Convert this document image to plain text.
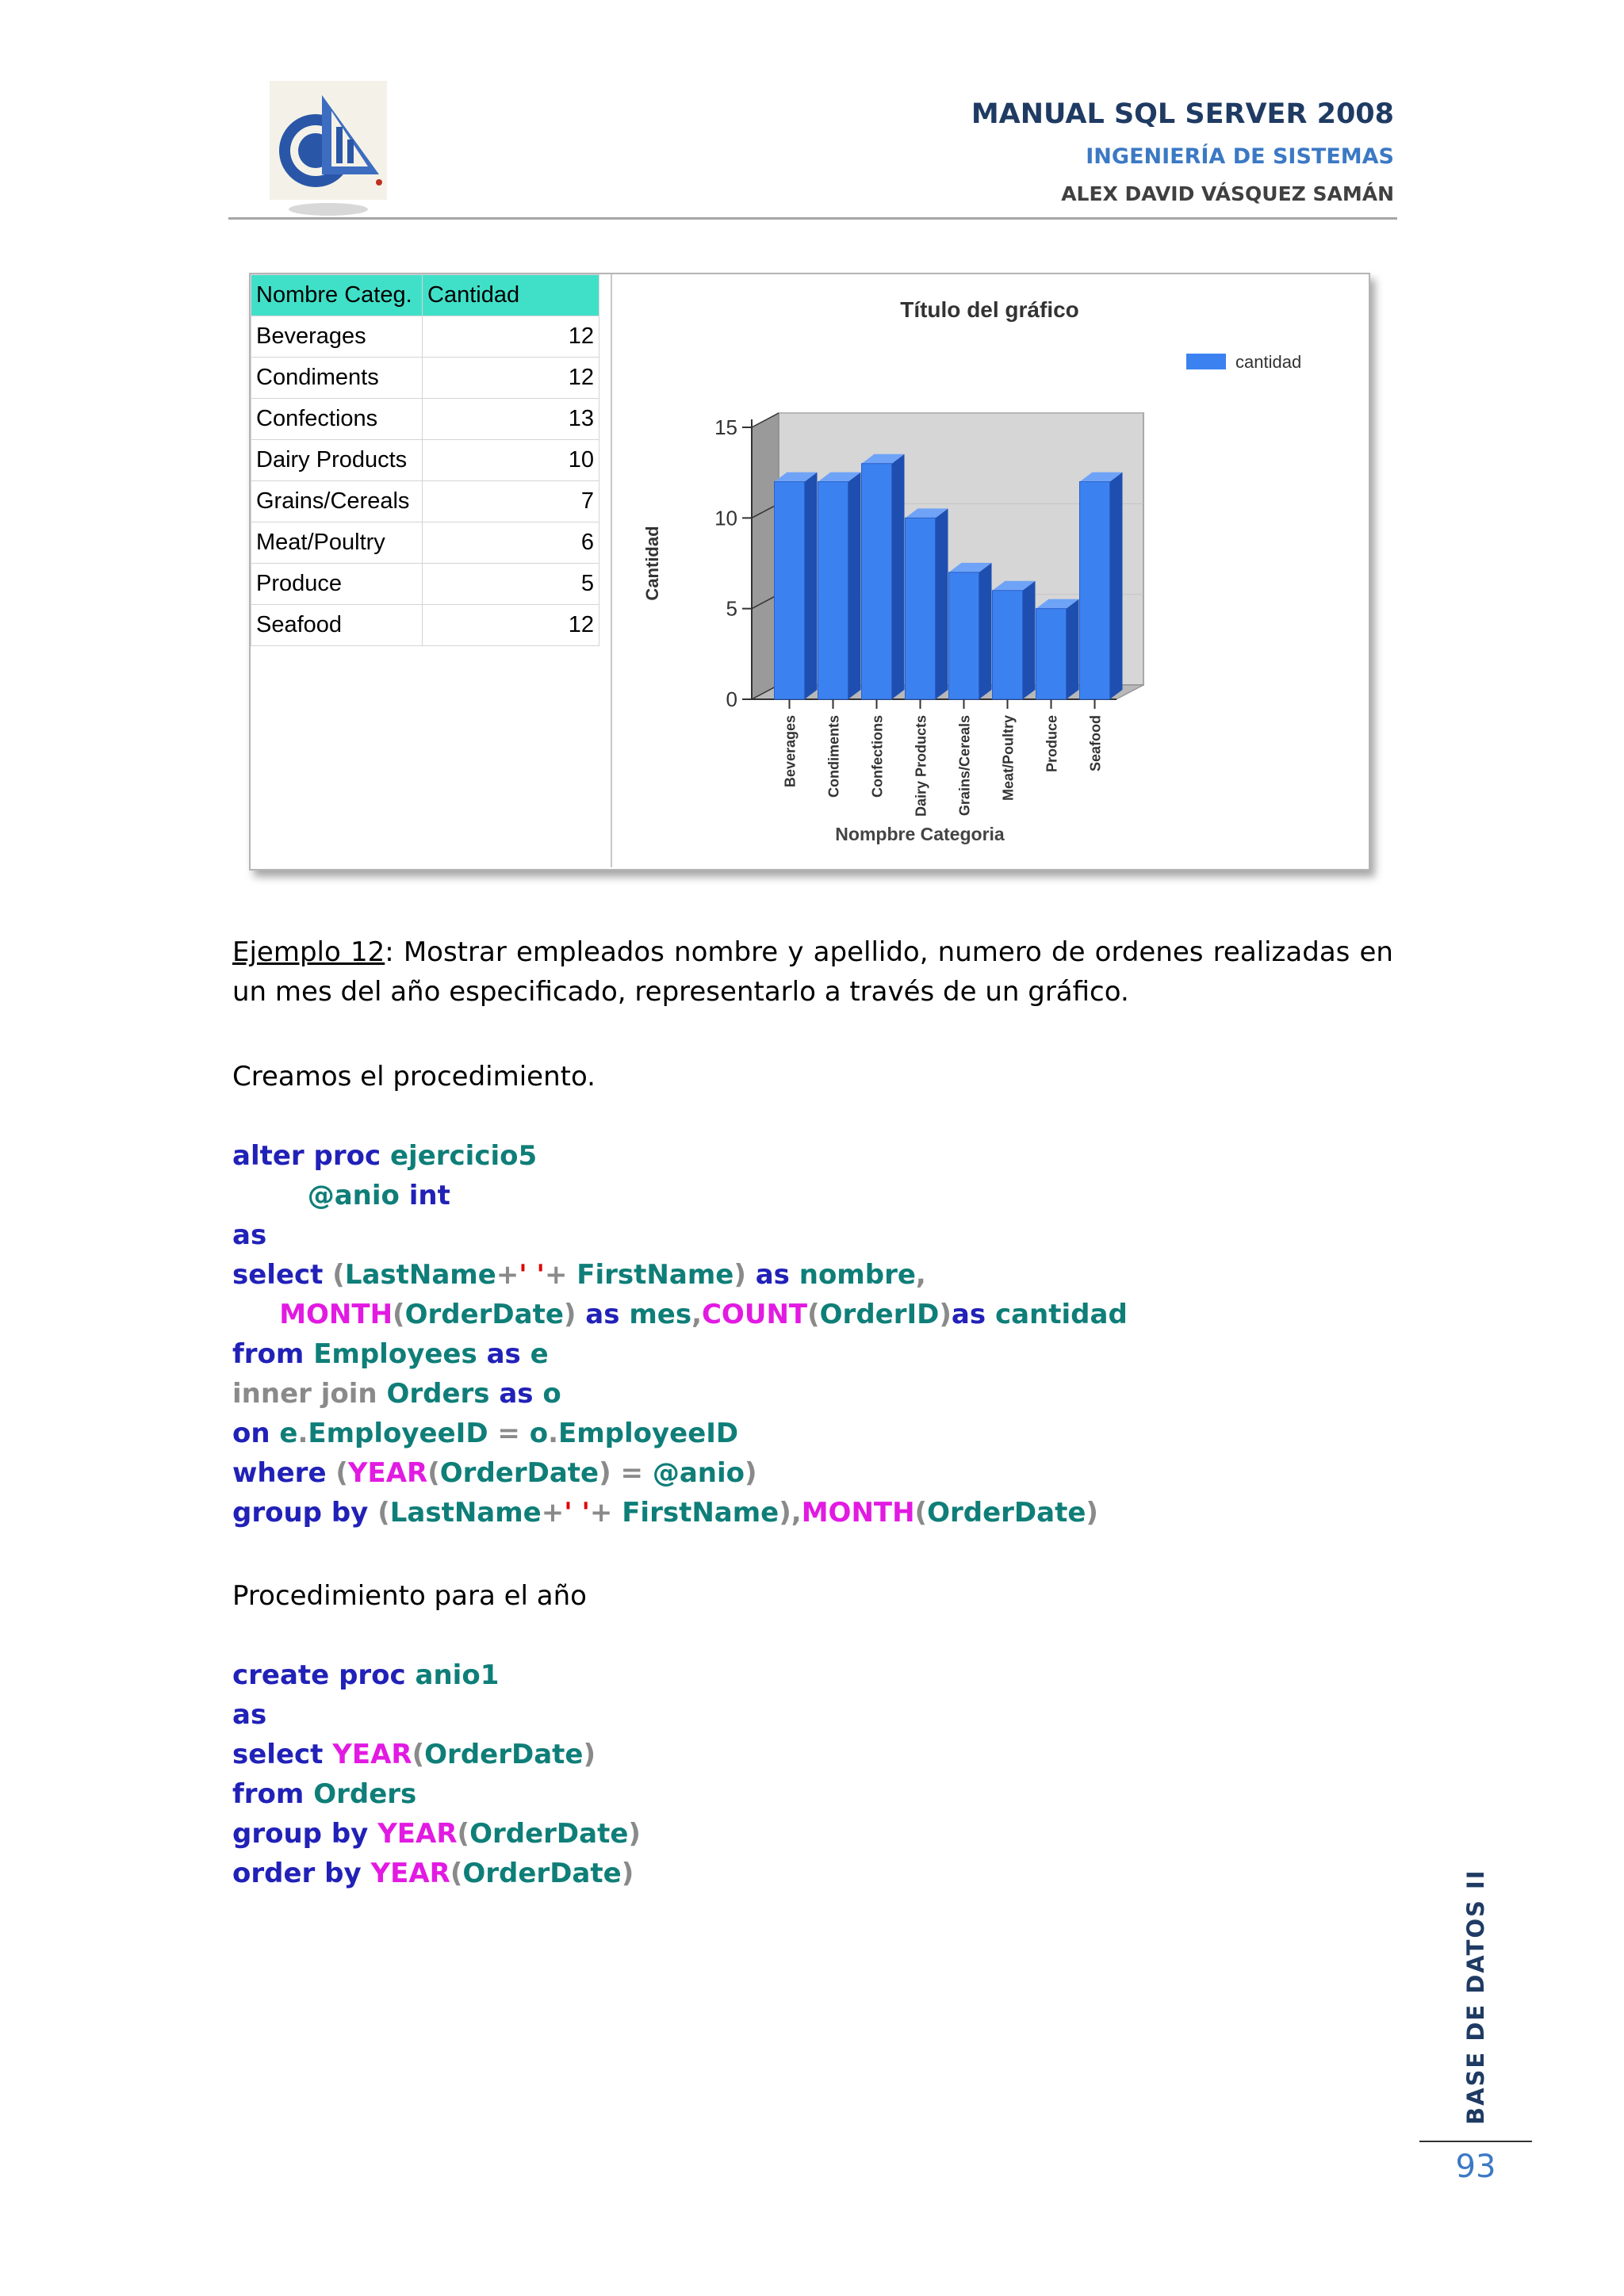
MANUAL SQL SERVER 2008
INGENIERÍA DE SISTEMAS
ALEX DAVID VÁSQUEZ SAMÁN
Nombre Categ.	Cantidad
Beverages	12
Condiments	12
Confections	13
Dairy Products	10
Grains/Cereals	7
Meat/Poultry	6
Produce	5
Seafood	12
Título del gráfico
0
5
10
15
Cantidad
Beverages Condiments Confections Dairy Products Grains/Cereals Meat/Poultry Produce Seafood
Nompbre Categoria
cantidad
Ejemplo 12: Mostrar empleados nombre y apellido, numero de ordenes realizadas en un mes del año especificado, representarlo a través de un gráfico.
Creamos el procedimiento.
alter proc ejercicio5
@anio int
as
select (LastName+' '+ FirstName) as nombre,
MONTH(OrderDate) as mes,COUNT(OrderID)as cantidad
from Employees as e
inner join Orders as o
on e.EmployeeID = o.EmployeeID
where (YEAR(OrderDate) = @anio)
group by (LastName+' '+ FirstName),MONTH(OrderDate)
Procedimiento para el año
create proc anio1
as
select YEAR(OrderDate)
from Orders
group by YEAR(OrderDate)
order by YEAR(OrderDate)	BASE DE DATOS II
93
